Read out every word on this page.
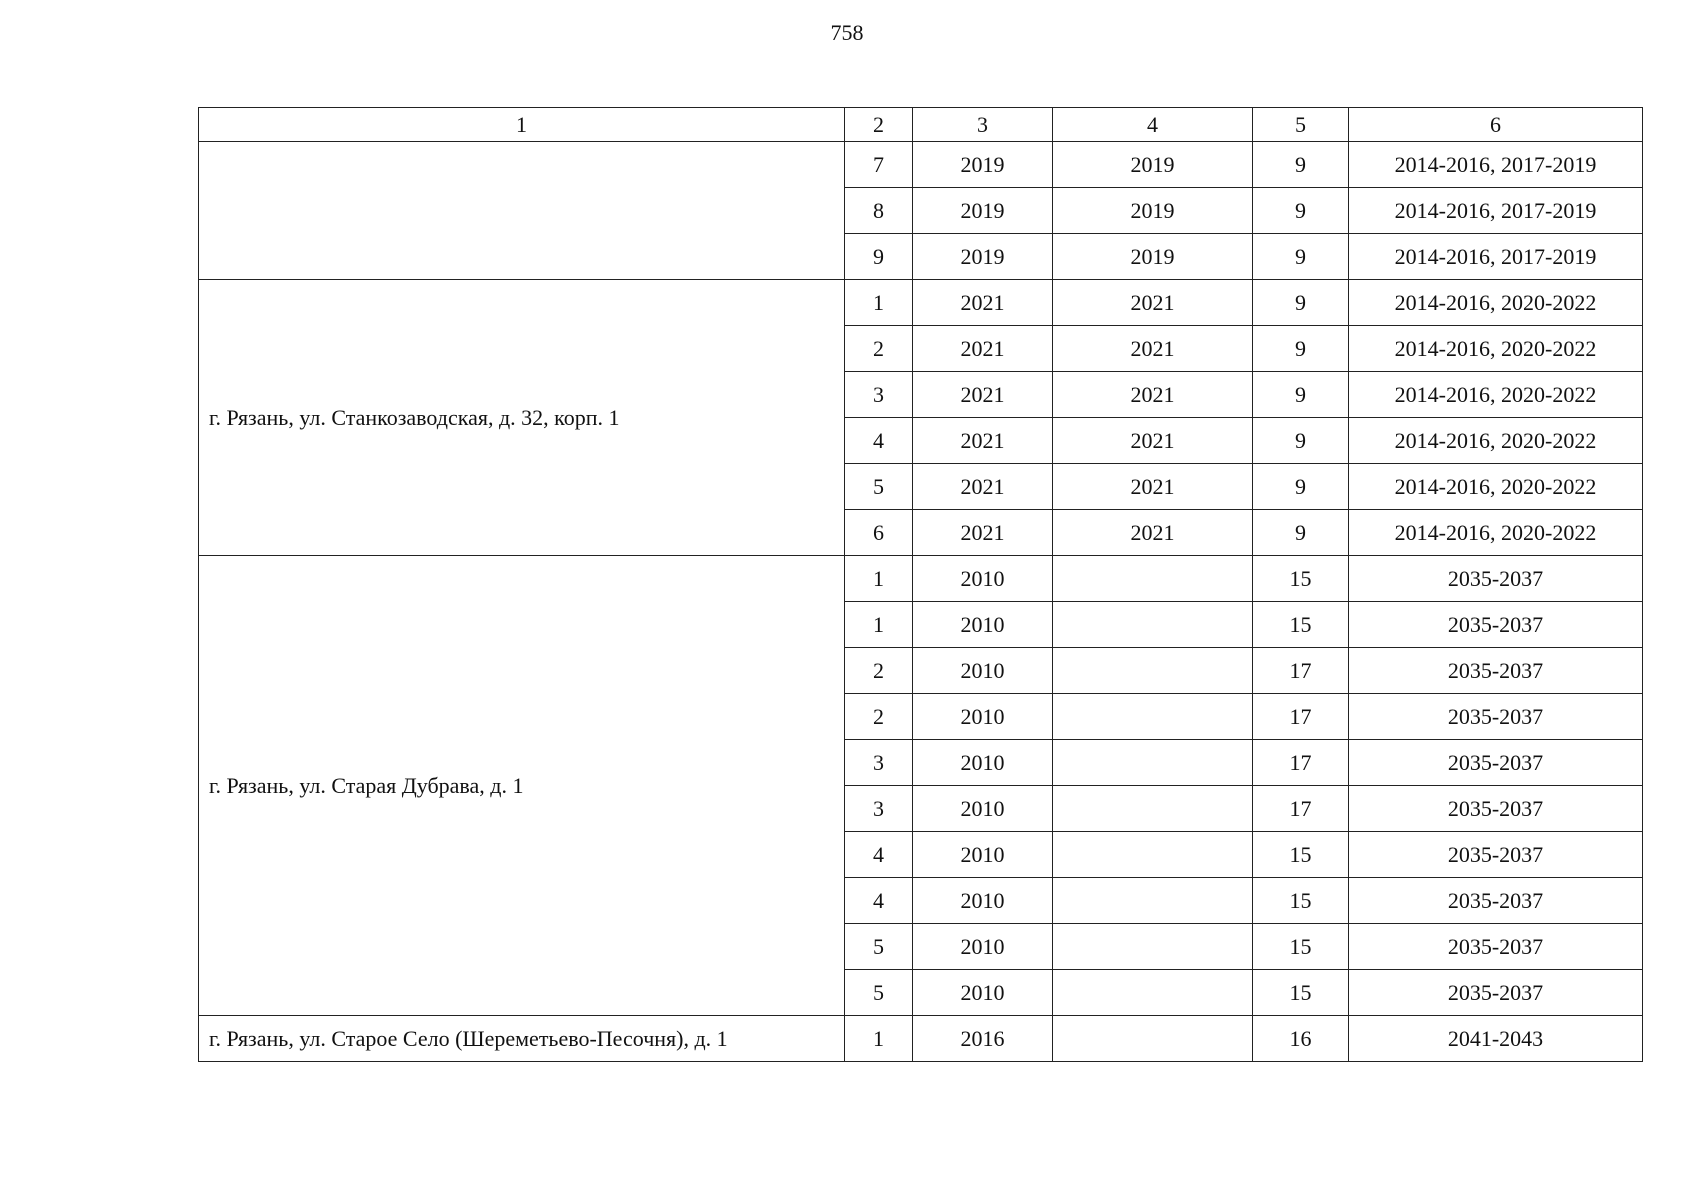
758
1	2	3	4	5	6
	7	2019	2019	9	2014-2016, 2017-2019
	8	2019	2019	9	2014-2016, 2017-2019
	9	2019	2019	9	2014-2016, 2017-2019
г. Рязань, ул. Станкозаводская, д. 32, корп. 1	1	2021	2021	9	2014-2016, 2020-2022
	2	2021	2021	9	2014-2016, 2020-2022
	3	2021	2021	9	2014-2016, 2020-2022
	4	2021	2021	9	2014-2016, 2020-2022
	5	2021	2021	9	2014-2016, 2020-2022
	6	2021	2021	9	2014-2016, 2020-2022
г. Рязань, ул. Старая Дубрава, д. 1	1	2010		15	2035-2037
	1	2010		15	2035-2037
	2	2010		17	2035-2037
	2	2010		17	2035-2037
	3	2010		17	2035-2037
	3	2010		17	2035-2037
	4	2010		15	2035-2037
	4	2010		15	2035-2037
	5	2010		15	2035-2037
	5	2010		15	2035-2037
г. Рязань, ул. Старое Село (Шереметьево-Песочня), д. 1	1	2016		16	2041-2043
